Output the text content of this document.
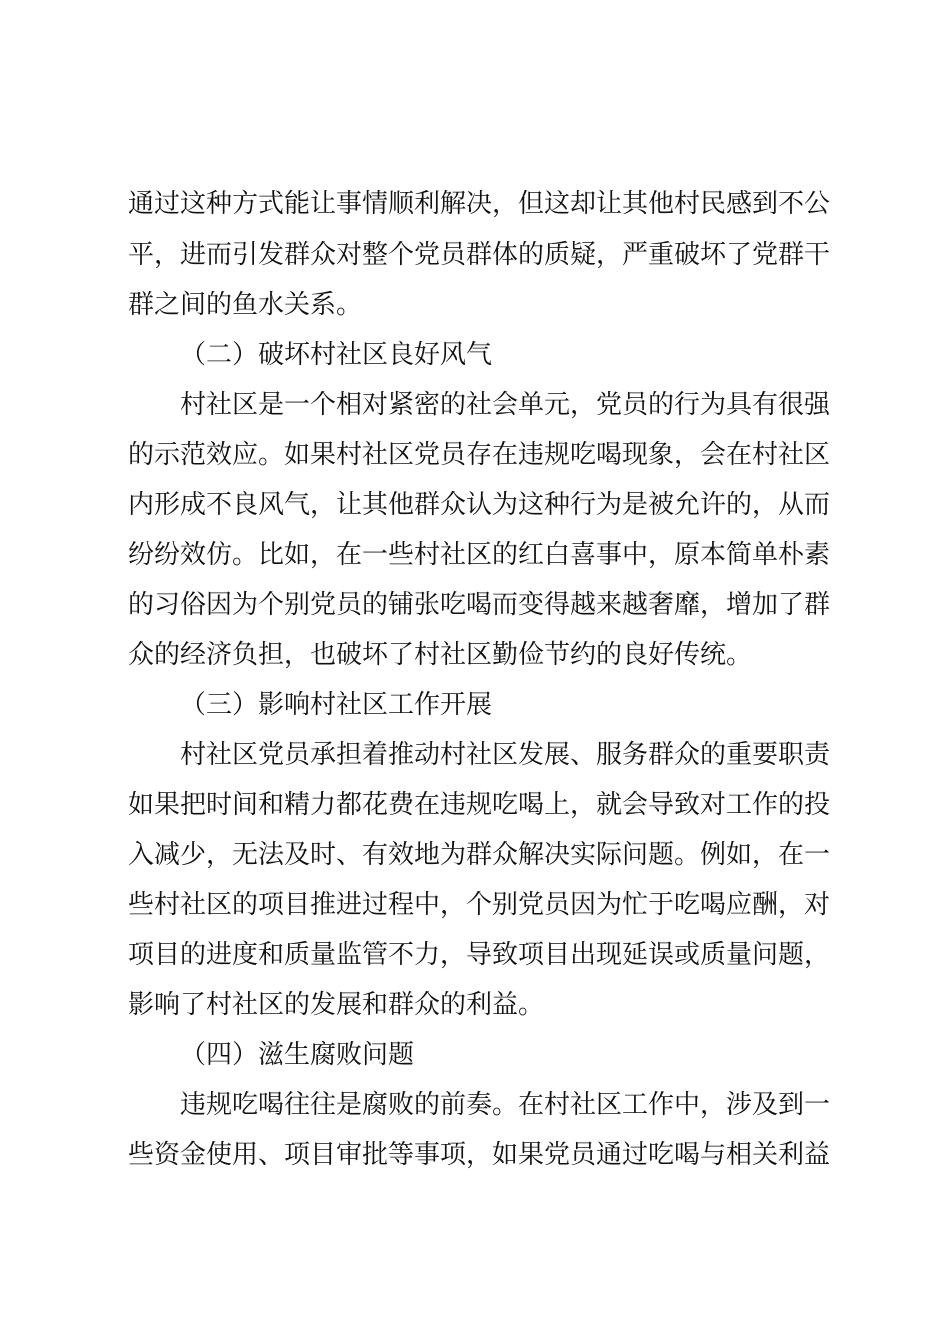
通过这种方式能让事情顺利解决，但这却让其他村民感到不公
平，进而引发群众对整个党员群体的质疑，严重破坏了党群干
群之间的鱼水关系。
（二）破坏村社区良好风气
村社区是一个相对紧密的社会单元，党员的行为具有很强
的示范效应。如果村社区党员存在违规吃喝现象，会在村社区
内形成不良风气，让其他群众认为这种行为是被允许的，从而
纷纷效仿。比如，在一些村社区的红白喜事中，原本简单朴素
的习俗因为个别党员的铺张吃喝而变得越来越奢靡，增加了群
众的经济负担，也破坏了村社区勤俭节约的良好传统。
（三）影响村社区工作开展
村社区党员承担着推动村社区发展、服务群众的重要职责
如果把时间和精力都花费在违规吃喝上，就会导致对工作的投
入减少，无法及时、有效地为群众解决实际问题。例如，在一
些村社区的项目推进过程中，个别党员因为忙于吃喝应酬，对
项目的进度和质量监管不力，导致项目出现延误或质量问题，
影响了村社区的发展和群众的利益。
（四）滋生腐败问题
违规吃喝往往是腐败的前奏。在村社区工作中，涉及到一
些资金使用、项目审批等事项，如果党员通过吃喝与相关利益
